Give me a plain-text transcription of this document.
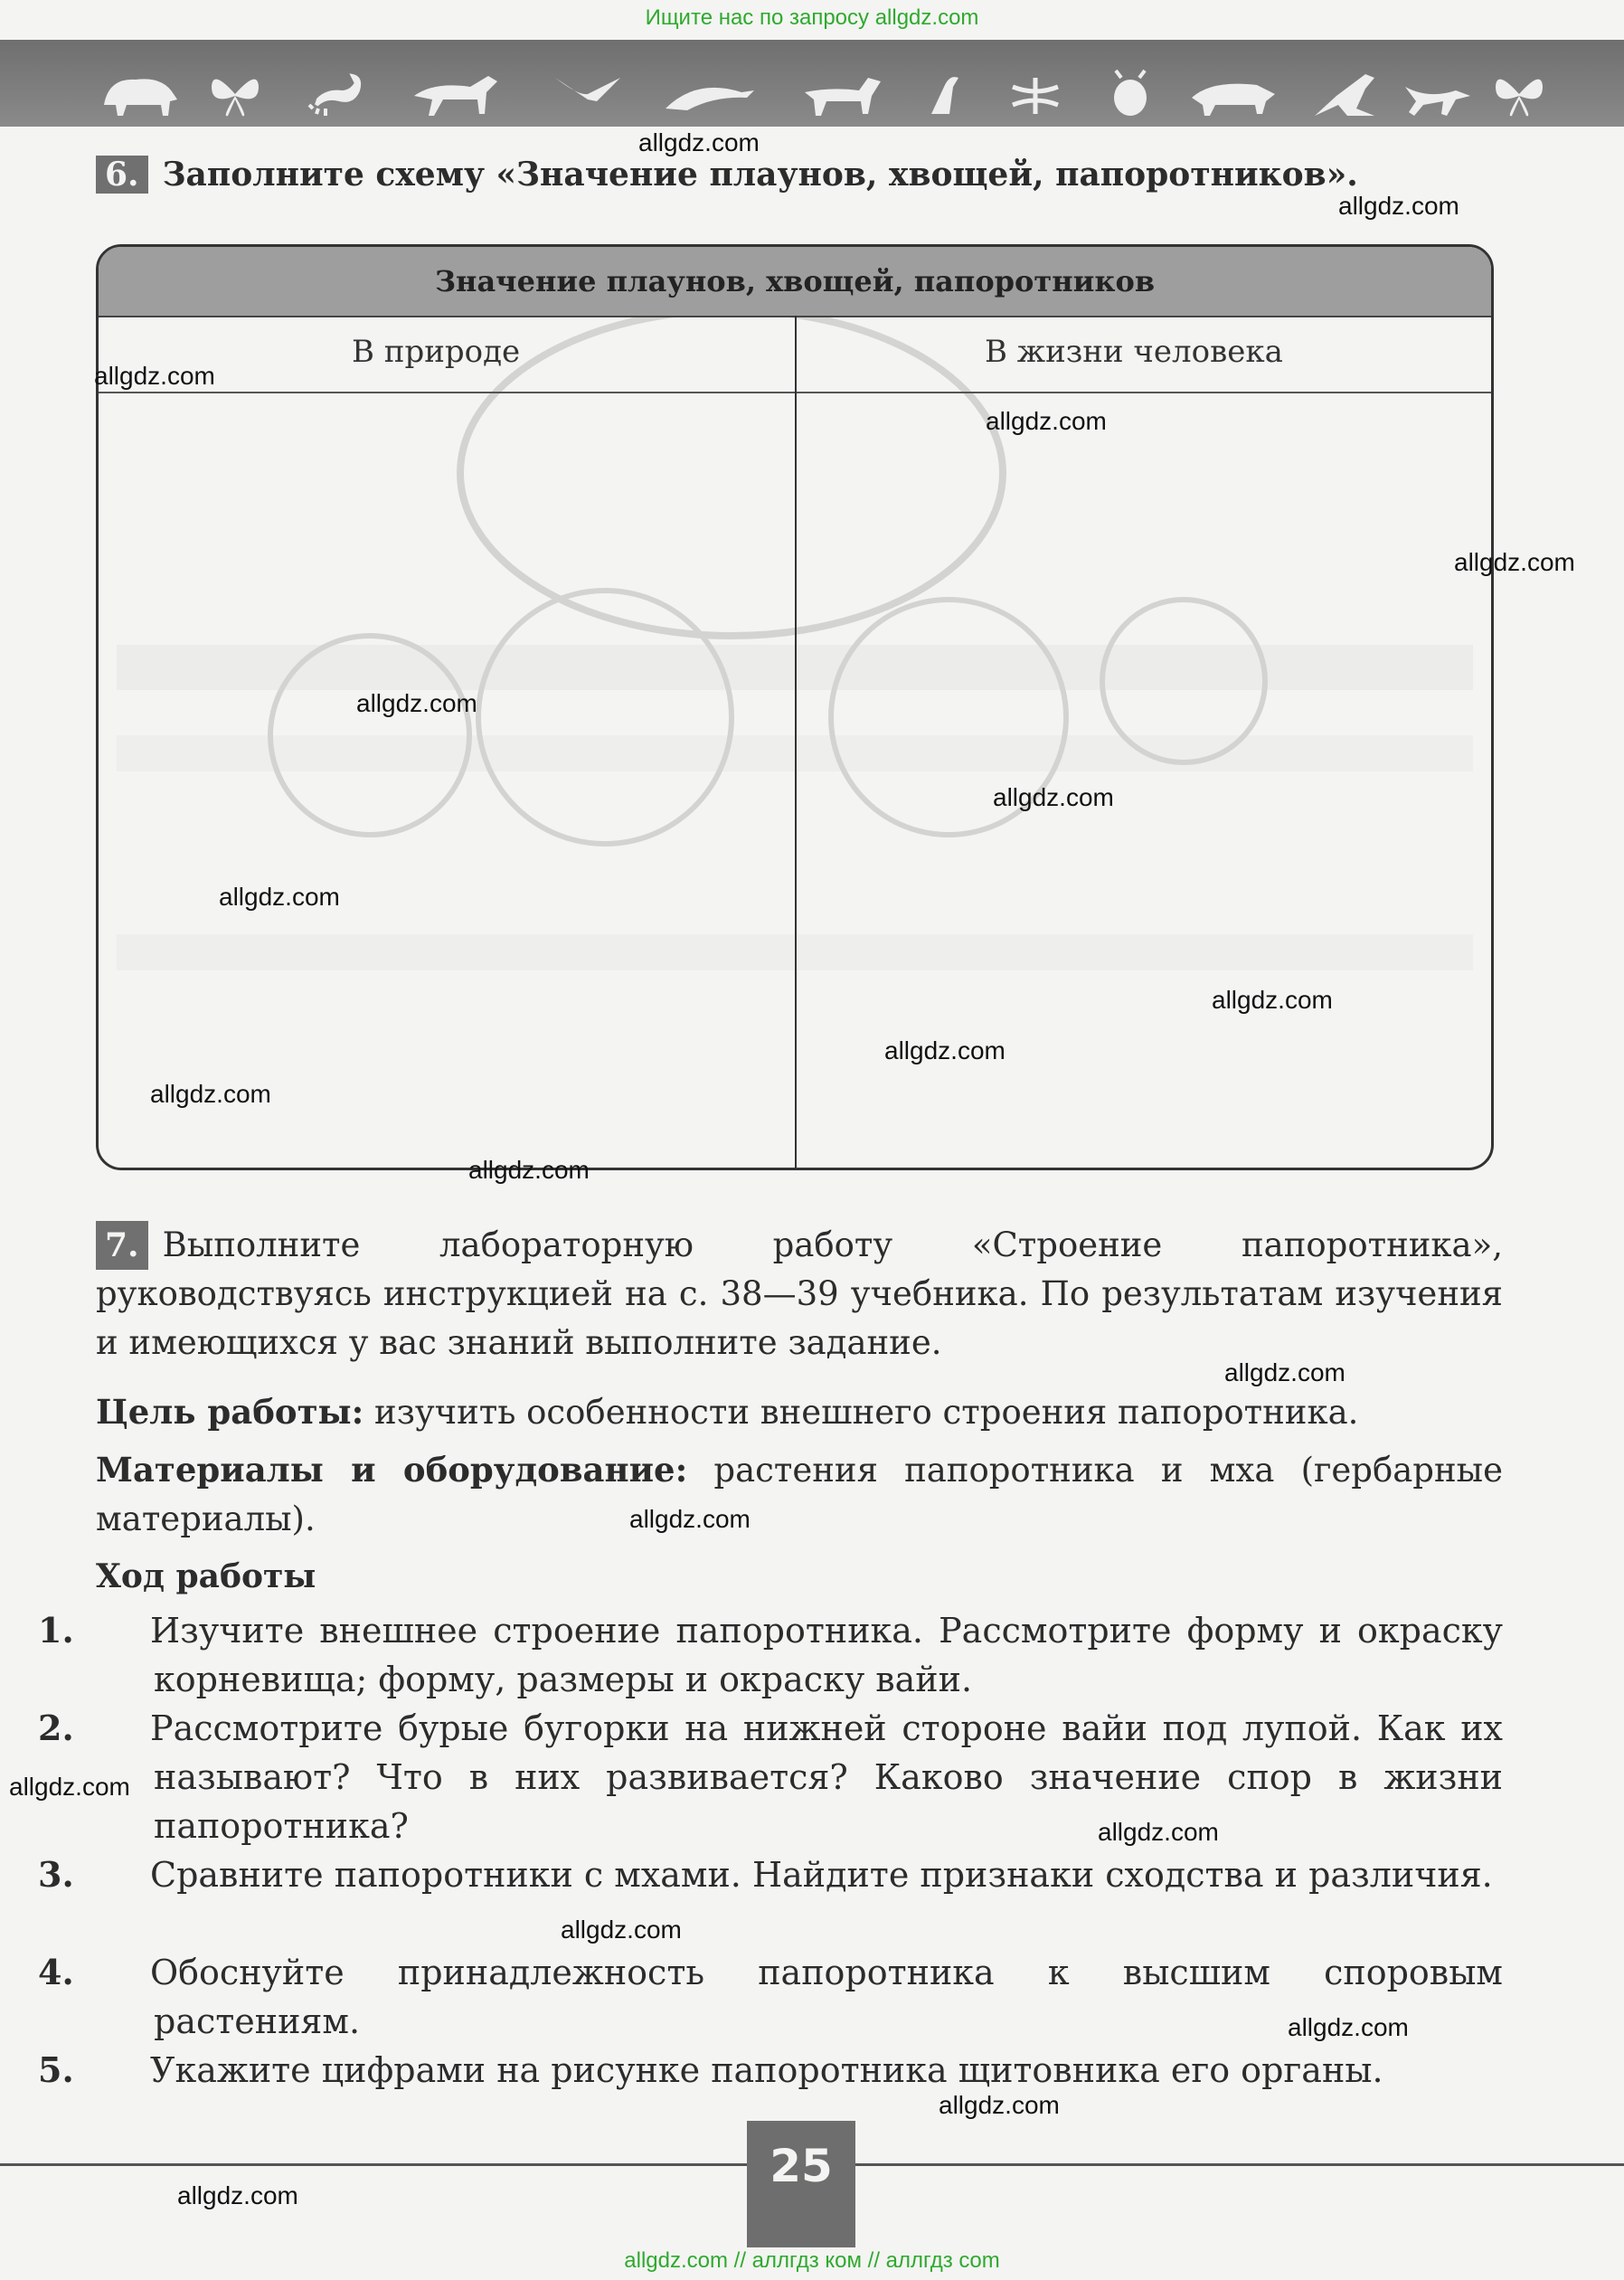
Ищите нас по запросу allgdz.com
6. Заполните схему «Значение плаунов, хвощей, папоротников».
Значение плаунов, хвощей, папоротников
В природе	В жизни человека
7. Выполните лабораторную работу «Строение папоротника», руководствуясь инструкцией на с. 38—39 учебника. По результатам изучения и имеющихся у вас знаний выполните задание.
Цель работы: изучить особенности внешнего строения папоротника.
Материалы и оборудование: растения папоротника и мха (гербарные материалы).
Ход работы
1. Изучите внешнее строение папоротника. Рассмотрите форму и окраску корневища; форму, размеры и окраску вайи.
2. Рассмотрите бурые бугорки на нижней стороне вайи под лупой. Как их называют? Что в них развивается? Каково значение спор в жизни папоротника?
3. Сравните папоротники с мхами. Найдите признаки сходства и различия.
4. Обоснуйте принадлежность папоротника к высшим споровым растениям.
5. Укажите цифрами на рисунке папоротника щитовника его органы.
25
allgdz.com
allgdz.com
allgdz.com
allgdz.com
allgdz.com
allgdz.com
allgdz.com
allgdz.com
allgdz.com
allgdz.com
allgdz.com
allgdz.com
allgdz.com
allgdz.com
allgdz.com
allgdz.com
allgdz.com
allgdz.com
allgdz.com
allgdz.com
allgdz.com // аллгдз ком // аллгдз com
